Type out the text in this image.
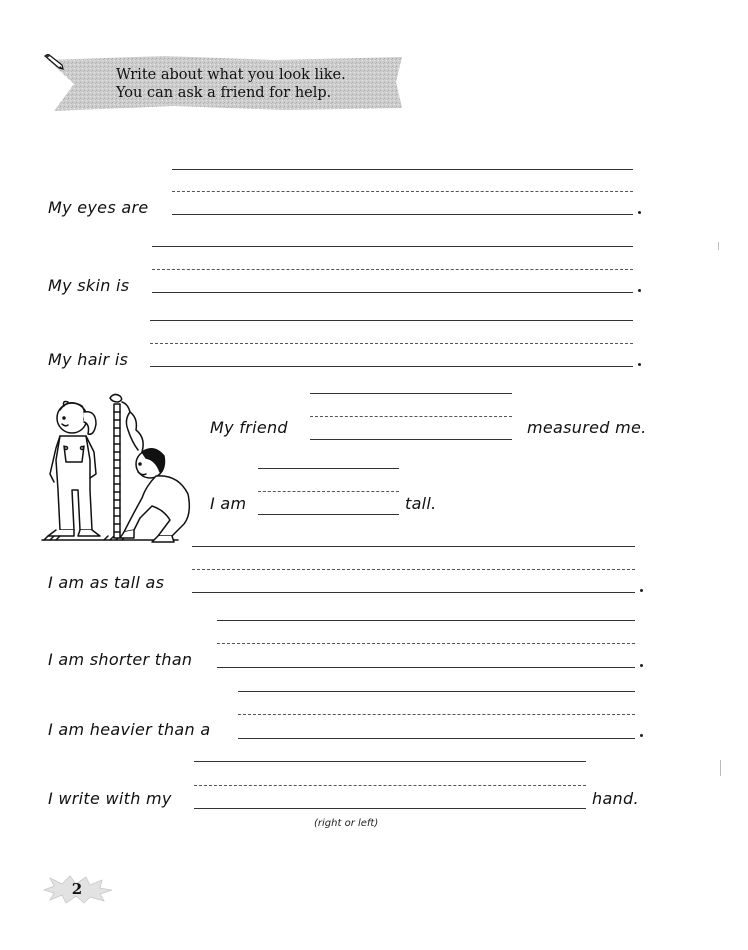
Write about what you look like.
You can ask a friend for help.
My eyes are
My skin is
My hair is
My friend	measured me.
I am	tall.
I am as tall as
I am shorter than
I am heavier than a
I write with my	hand.
(right or left)
2
